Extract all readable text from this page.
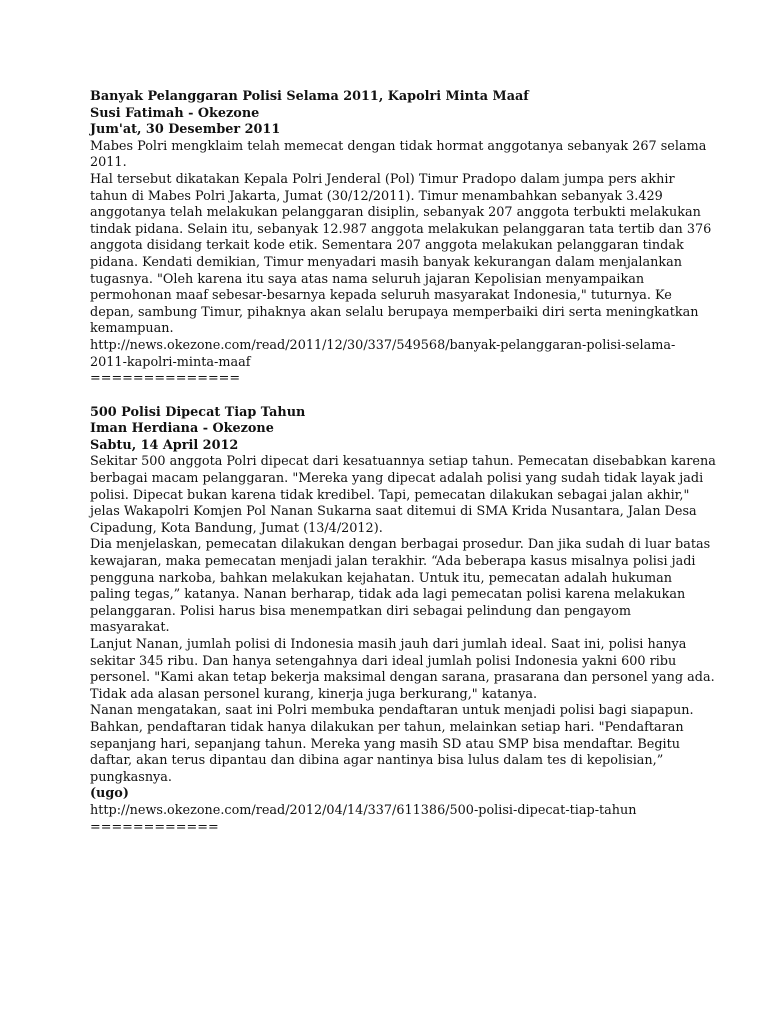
Banyak Pelanggaran Polisi Selama 2011, Kapolri Minta Maaf
Susi Fatimah - Okezone
Jum'at, 30 Desember 2011
Mabes Polri mengklaim telah memecat dengan tidak hormat anggotanya sebanyak 267 selama
2011.
Hal tersebut dikatakan Kepala Polri Jenderal (Pol) Timur Pradopo dalam jumpa pers akhir
tahun di Mabes Polri Jakarta, Jumat (30/12/2011). Timur menambahkan sebanyak 3.429
anggotanya telah melakukan pelanggaran disiplin, sebanyak 207 anggota terbukti melakukan
tindak pidana. Selain itu, sebanyak 12.987 anggota melakukan pelanggaran tata tertib dan 376
anggota disidang terkait kode etik. Sementara 207 anggota melakukan pelanggaran tindak
pidana. Kendati demikian, Timur menyadari masih banyak kekurangan dalam menjalankan
tugasnya. "Oleh karena itu saya atas nama seluruh jajaran Kepolisian menyampaikan
permohonan maaf sebesar-besarnya kepada seluruh masyarakat Indonesia," tuturnya. Ke
depan, sambung Timur, pihaknya akan selalu berupaya memperbaiki diri serta meningkatkan
kemampuan.
http://news.okezone.com/read/2011/12/30/337/549568/banyak-pelanggaran-polisi-selama-
2011-kapolri-minta-maaf
==============
500 Polisi Dipecat Tiap Tahun
Iman Herdiana - Okezone
Sabtu, 14 April 2012
Sekitar 500 anggota Polri dipecat dari kesatuannya setiap tahun. Pemecatan disebabkan karena
berbagai macam pelanggaran. "Mereka yang dipecat adalah polisi yang sudah tidak layak jadi
polisi. Dipecat bukan karena tidak kredibel. Tapi, pemecatan dilakukan sebagai jalan akhir,"
jelas Wakapolri Komjen Pol Nanan Sukarna saat ditemui di SMA Krida Nusantara, Jalan Desa
Cipadung, Kota Bandung, Jumat (13/4/2012).
Dia menjelaskan, pemecatan dilakukan dengan berbagai prosedur. Dan jika sudah di luar batas
kewajaran, maka pemecatan menjadi jalan terakhir. “Ada beberapa kasus misalnya polisi jadi
pengguna narkoba, bahkan melakukan kejahatan. Untuk itu, pemecatan adalah hukuman
paling tegas,” katanya. Nanan berharap, tidak ada lagi pemecatan polisi karena melakukan
pelanggaran. Polisi harus bisa menempatkan diri sebagai pelindung dan pengayom
masyarakat.
Lanjut Nanan, jumlah polisi di Indonesia masih jauh dari jumlah ideal. Saat ini, polisi hanya
sekitar 345 ribu. Dan hanya setengahnya dari ideal jumlah polisi Indonesia yakni 600 ribu
personel. "Kami akan tetap bekerja maksimal dengan sarana, prasarana dan personel yang ada.
Tidak ada alasan personel kurang, kinerja juga berkurang," katanya.
Nanan mengatakan, saat ini Polri membuka pendaftaran untuk menjadi polisi bagi siapapun.
Bahkan, pendaftaran tidak hanya dilakukan per tahun, melainkan setiap hari. "Pendaftaran
sepanjang hari, sepanjang tahun. Mereka yang masih SD atau SMP bisa mendaftar. Begitu
daftar, akan terus dipantau dan dibina agar nantinya bisa lulus dalam tes di kepolisian,”
pungkasnya.
(ugo)
http://news.okezone.com/read/2012/04/14/337/611386/500-polisi-dipecat-tiap-tahun
============
